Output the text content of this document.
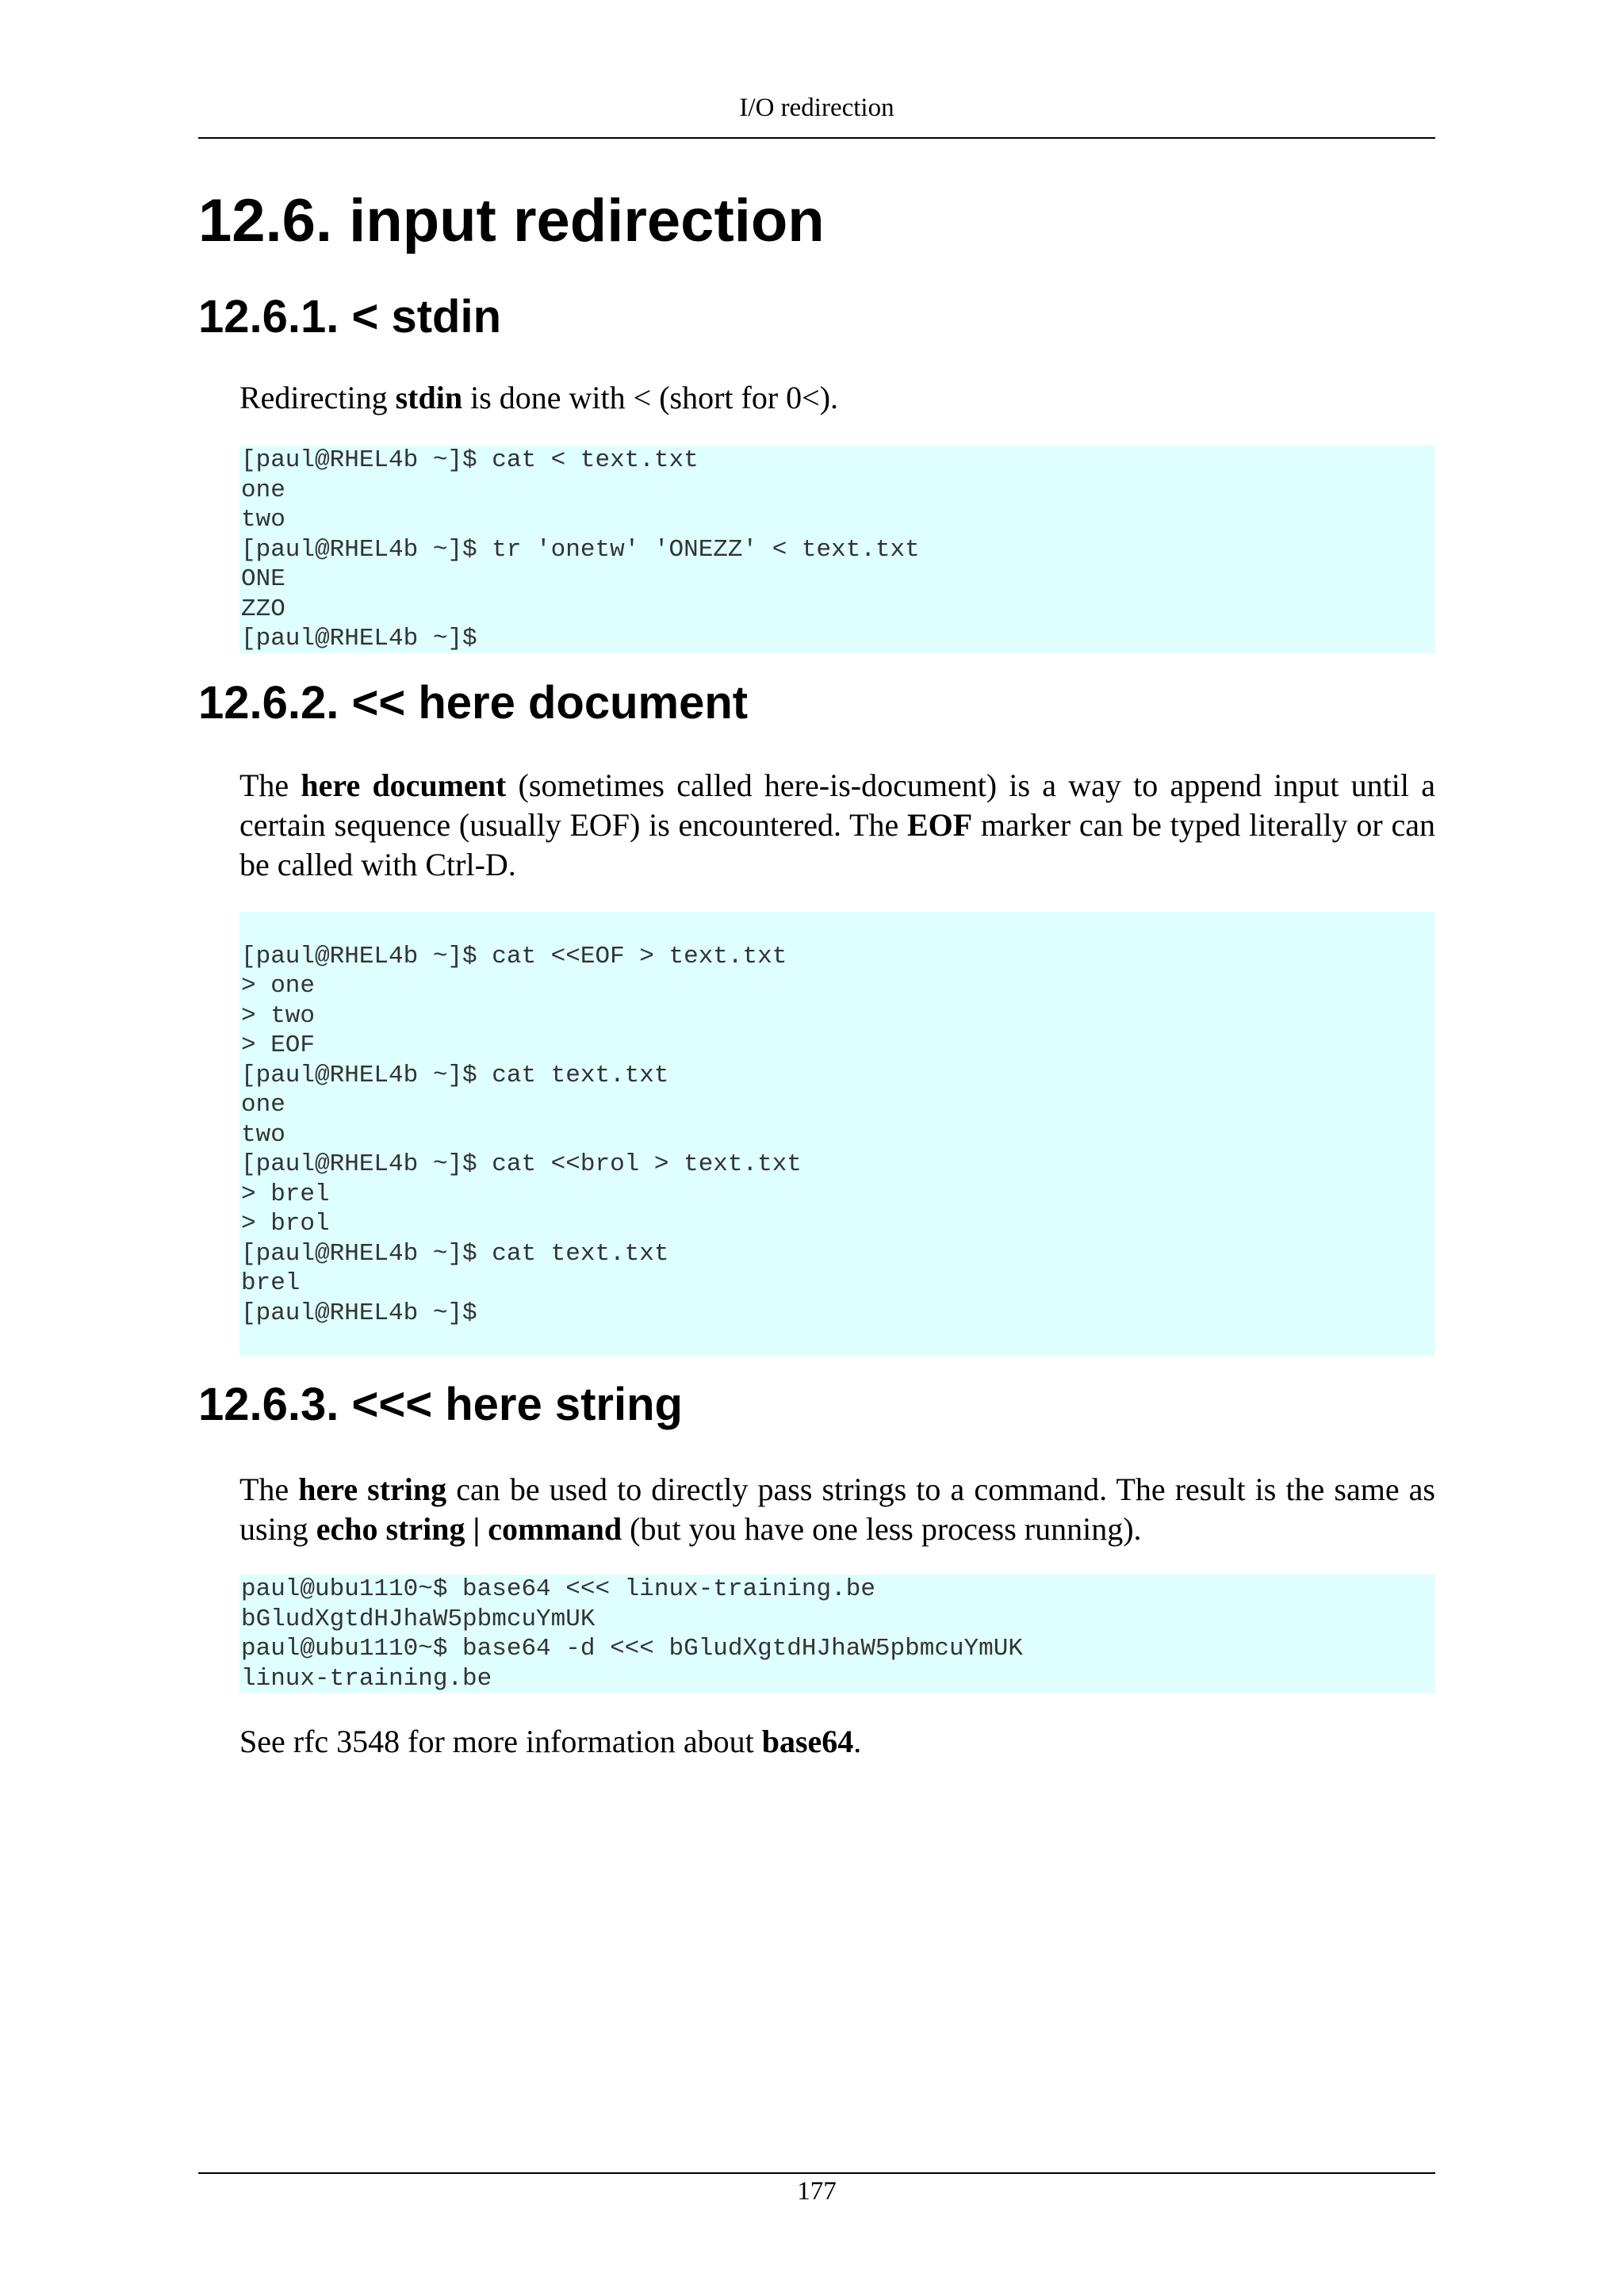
I/O redirection
12.6. input redirection
12.6.1. < stdin

Redirecting stdin is done with < (short for 0<).

[paul@RHEL4b ~]$ cat < text.txt
one
two
[paul@RHEL4b ~]$ tr 'onetw' 'ONEZZ' < text.txt
ONE
ZZO
[paul@RHEL4b ~]$
12.6.2. << here document

The here document (sometimes called here-is-document) is a way to append input until a certain sequence (usually EOF) is encountered. The EOF marker can be typed literally or can be called with Ctrl-D.

[paul@RHEL4b ~]$ cat <<EOF > text.txt
> one
> two
> EOF
[paul@RHEL4b ~]$ cat text.txt
one
two
[paul@RHEL4b ~]$ cat <<brol > text.txt
> brel
> brol
[paul@RHEL4b ~]$ cat text.txt
brel
[paul@RHEL4b ~]$

12.6.3. <<< here string

The here string can be used to directly pass strings to a command. The result is the same as using echo string | command (but you have one less process running).

paul@ubu1110~$ base64 <<< linux-training.be
bGludXgtdHJhaW5pbmcuYmUK
paul@ubu1110~$ base64 -d <<< bGludXgtdHJhaW5pbmcuYmUK
linux-training.be

See rfc 3548 for more information about base64.

177
